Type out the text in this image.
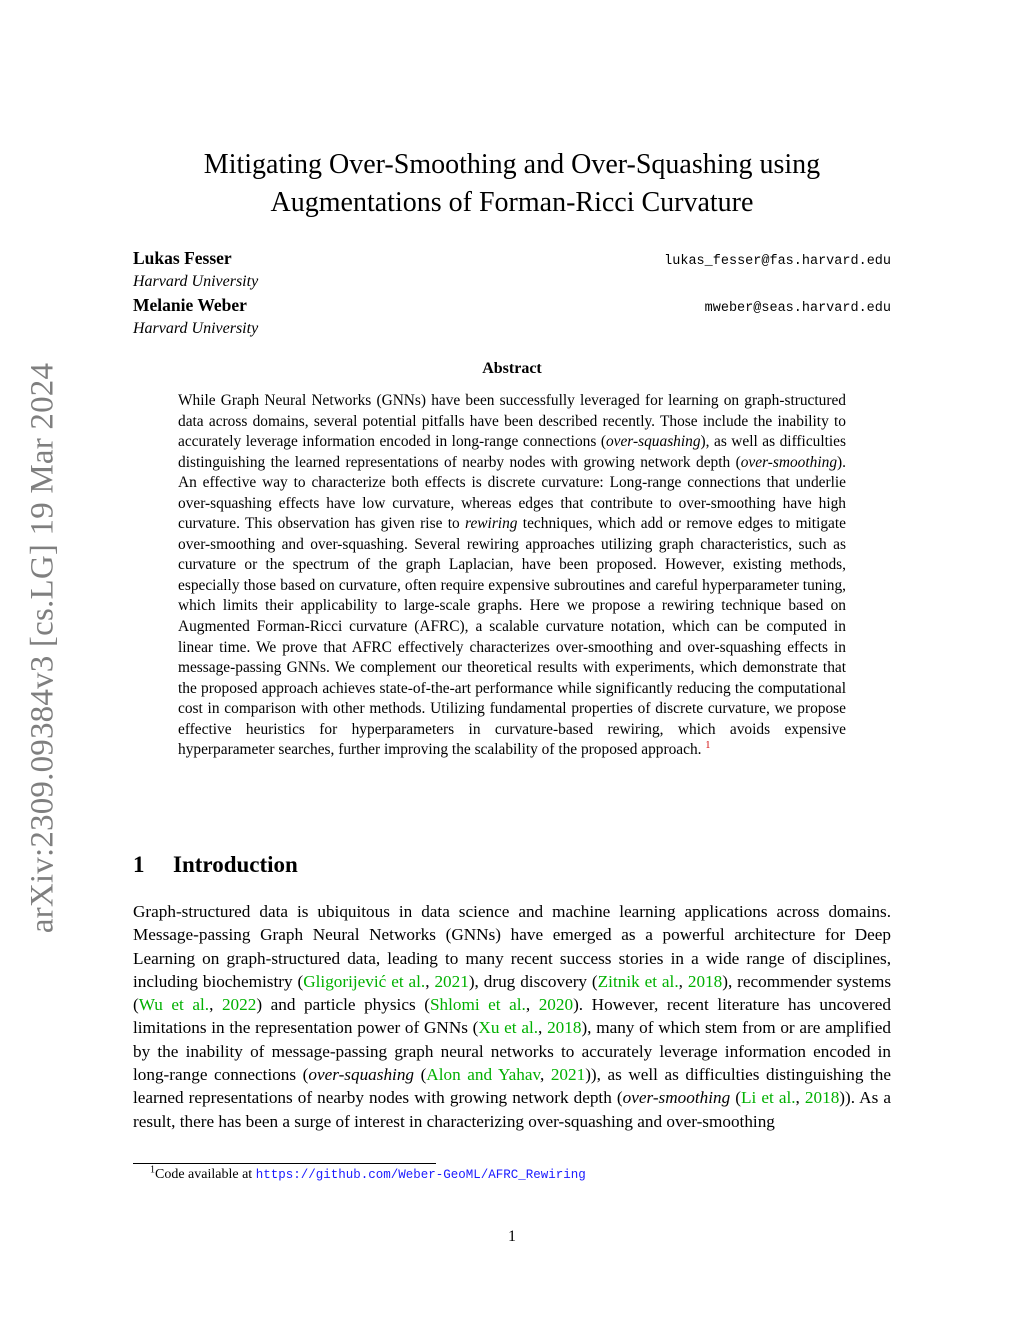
arXiv:2309.09384v3 [cs.LG] 19 Mar 2024
Mitigating Over-Smoothing and Over-Squashing using
Augmentations of Forman-Ricci Curvature
Lukas Fesser	lukas_fesser@fas.harvard.edu
Harvard University
Melanie Weber	mweber@seas.harvard.edu
Harvard University
Abstract
While Graph Neural Networks (GNNs) have been successfully leveraged for learning on graph-structured data across domains, several potential pitfalls have been described recently. Those include the inability to accurately leverage information encoded in long-range connections (over-squashing), as well as difficulties distinguishing the learned representations of nearby nodes with growing network depth (over-smoothing). An effective way to characterize both effects is discrete curvature: Long-range connections that underlie over-squashing effects have low curvature, whereas edges that contribute to over-smoothing have high curvature. This observation has given rise to rewiring techniques, which add or remove edges to mitigate over-smoothing and over-squashing. Several rewiring approaches utilizing graph characteristics, such as curvature or the spectrum of the graph Laplacian, have been proposed. However, existing methods, especially those based on curvature, often require expensive subroutines and careful hyperparameter tuning, which limits their applicability to large-scale graphs. Here we propose a rewiring technique based on Augmented Forman-Ricci curvature (AFRC), a scalable curvature notation, which can be computed in linear time. We prove that AFRC effectively characterizes over-smoothing and over-squashing effects in message-passing GNNs. We complement our theoretical results with experiments, which demonstrate that the proposed approach achieves state-of-the-art performance while significantly reducing the computational cost in comparison with other methods. Utilizing fundamental properties of discrete curvature, we propose effective heuristics for hyperparameters in curvature-based rewiring, which avoids expensive hyperparameter searches, further improving the scalability of the proposed approach. $^1$
1 Introduction
Graph-structured data is ubiquitous in data science and machine learning applications across domains. Message-passing Graph Neural Networks (GNNs) have emerged as a powerful architecture for Deep Learning on graph-structured data, leading to many recent success stories in a wide range of disciplines, including biochemistry (Gligorijević et al., 2021), drug discovery (Zitnik et al., 2018), recommender systems (Wu et al., 2022) and particle physics (Shlomi et al., 2020). However, recent literature has uncovered limitations in the representation power of GNNs (Xu et al., 2018), many of which stem from or are amplified by the inability of message-passing graph neural networks to accurately leverage information encoded in long-range connections (over-squashing (Alon and Yahav, 2021)), as well as difficulties distinguishing the learned representations of nearby nodes with growing network depth (over-smoothing (Li et al., 2018)). As a result, there has been a surge of interest in characterizing over-squashing and over-smoothing
$^1$Code available at https://github.com/Weber-GeoML/AFRC_Rewiring
1
